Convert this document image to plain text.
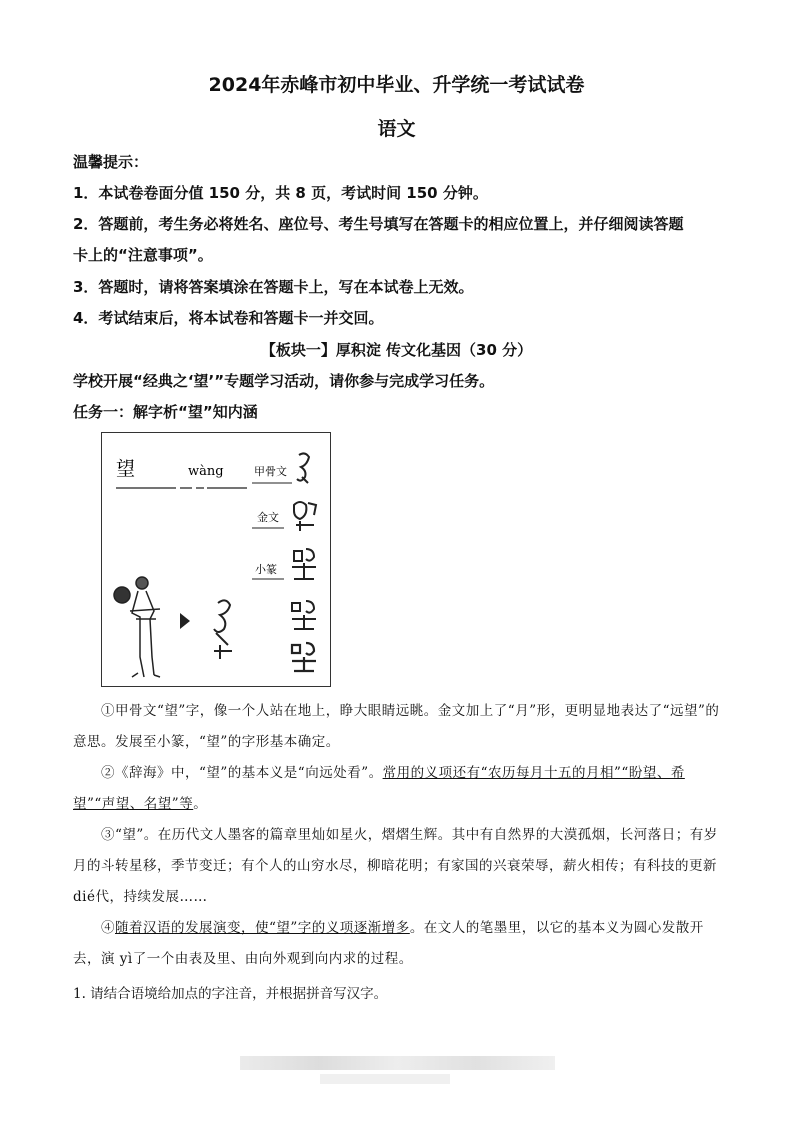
2024年赤峰市初中毕业、升学统一考试试卷
语文
温馨提示：
1．本试卷卷面分值 150 分，共 8 页，考试时间 150 分钟。
2．答题前，考生务必将姓名、座位号、考生号填写在答题卡的相应位置上，并仔细阅读答题
卡上的“注意事项”。
3．答题时，请将答案填涂在答题卡上，写在本试卷上无效。
4．考试结束后，将本试卷和答题卡一并交回。
【板块一】厚积淀 传文化基因（30 分）
学校开展“经典之‘望’”专题学习活动，请你参与完成学习任务。
任务一：解字析“望”知内涵
望	wàng	甲骨文
金文
小篆
①甲骨文“望”字，像一个人站在地上，睁大眼睛远眺。金文加上了“月”形，更明显地表达了“远望”的意思。发展至小篆，“望”的字形基本确定。
②《辞海》中，“望”的基本义是“向远处看”。常用的义项还有“农历每月十五的月相”“盼望、希望”“声望、名望”等。
③“望”。在历代文人墨客的篇章里灿如星火，熠熠生辉。其中有自然界的大漠孤烟，长河落日；有岁月的斗转星移，季节变迁；有个人的山穷水尽，柳暗花明；有家国的兴衰荣辱，薪火相传；有科技的更新 dié代，持续发展……
④随着汉语的发展演变，使“望”字的义项逐渐增多。在文人的笔墨里，以它的基本义为圆心发散开去，演 yì了一个由表及里、由向外观到向内求的过程。
1. 请结合语境给加点的字注音，并根据拼音写汉字。
